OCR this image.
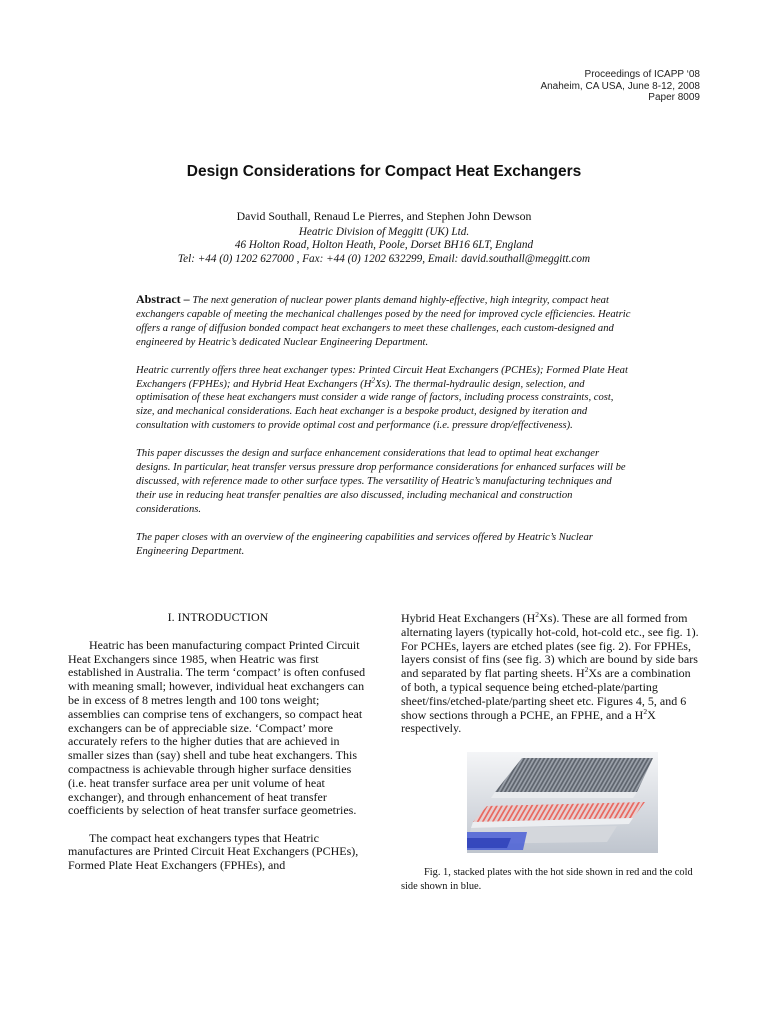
Proceedings of ICAPP ‘08
Anaheim, CA USA, June 8-12, 2008
Paper 8009
Design Considerations for Compact Heat Exchangers
David Southall, Renaud Le Pierres, and Stephen John Dewson
Heatric Division of Meggitt (UK) Ltd.
46 Holton Road, Holton Heath, Poole, Dorset BH16 6LT, England
Tel: +44 (0) 1202 627000 , Fax: +44 (0) 1202 632299, Email: david.southall@meggitt.com

Abstract – The next generation of nuclear power plants demand highly-effective, high integrity, compact heat exchangers capable of meeting the mechanical challenges posed by the need for improved cycle efficiencies. Heatric offers a range of diffusion bonded compact heat exchangers to meet these challenges, each custom-designed and engineered by Heatric’s dedicated Nuclear Engineering Department.

Heatric currently offers three heat exchanger types: Printed Circuit Heat Exchangers (PCHEs); Formed Plate Heat Exchangers (FPHEs); and Hybrid Heat Exchangers $(H^2Xs)$. The thermal-hydraulic design, selection, and optimisation of these heat exchangers must consider a wide range of factors, including process constraints, cost, size, and mechanical considerations. Each heat exchanger is a bespoke product, designed by iteration and consultation with customers to provide optimal cost and performance (i.e. pressure drop/effectiveness).

This paper discusses the design and surface enhancement considerations that lead to optimal heat exchanger designs. In particular, heat transfer versus pressure drop performance considerations for enhanced surfaces will be discussed, with reference made to other surface types. The versatility of Heatric’s manufacturing techniques and their use in reducing heat transfer penalties are also discussed, including mechanical and construction considerations.

The paper closes with an overview of the engineering capabilities and services offered by Heatric’s Nuclear Engineering Department.

I. INTRODUCTION

Heatric has been manufacturing compact Printed Circuit Heat Exchangers since 1985, when Heatric was first established in Australia. The term ‘compact’ is often confused with meaning small; however, individual heat exchangers can be in excess of 8 metres length and 100 tons weight; assemblies can comprise tens of exchangers, so compact heat exchangers can be of appreciable size. ‘Compact’ more accurately refers to the higher duties that are achieved in smaller sizes than (say) shell and tube heat exchangers. This compactness is achievable through higher surface densities (i.e. heat transfer surface area per unit volume of heat exchanger), and through enhancement of heat transfer coefficients by selection of heat transfer surface geometries.

The compact heat exchangers types that Heatric manufactures are Printed Circuit Heat Exchangers (PCHEs), Formed Plate Heat Exchangers (FPHEs), and

Hybrid Heat Exchangers $(H^2Xs)$. These are all formed from alternating layers (typically hot-cold, hot-cold etc., see fig. 1). For PCHEs, layers are etched plates (see fig. 2). For FPHEs, layers consist of fins (see fig. 3) which are bound by side bars and separated by flat parting sheets. $H^2Xs$ are a combination of both, a typical sequence being etched-plate/parting sheet/fins/etched-plate/parting sheet etc. Figures 4, 5, and 6 show sections through a PCHE, an FPHE, and a $H^2X$ respectively.

Fig. 1, stacked plates with the hot side shown in red and the cold side shown in blue.
